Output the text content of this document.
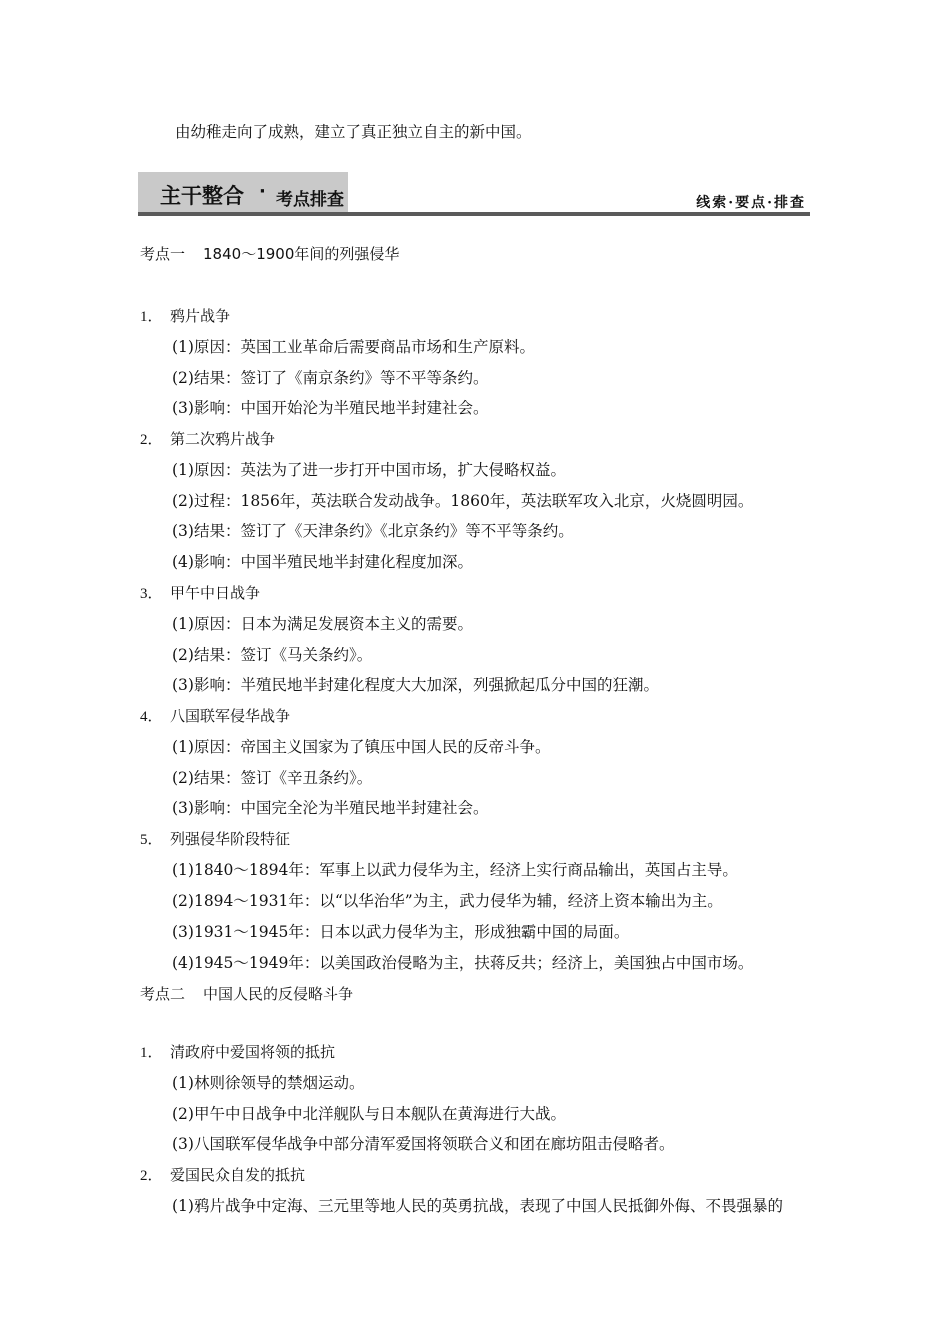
由幼稚走向了成熟，建立了真正独立自主的新中国。
主干整合 · 考点排查	线索·要点·排查
考点一 1840～1900年间的列强侵华
1． 鸦片战争
(1)原因：英国工业革命后需要商品市场和生产原料。
(2)结果：签订了《南京条约》等不平等条约。
(3)影响：中国开始沦为半殖民地半封建社会。
2． 第二次鸦片战争
(1)原因：英法为了进一步打开中国市场，扩大侵略权益。
(2)过程：1856年，英法联合发动战争。1860年，英法联军攻入北京，火烧圆明园。
(3)结果：签订了《天津条约》《北京条约》等不平等条约。
(4)影响：中国半殖民地半封建化程度加深。
3． 甲午中日战争
(1)原因：日本为满足发展资本主义的需要。
(2)结果：签订《马关条约》。
(3)影响：半殖民地半封建化程度大大加深，列强掀起瓜分中国的狂潮。
4． 八国联军侵华战争
(1)原因：帝国主义国家为了镇压中国人民的反帝斗争。
(2)结果：签订《辛丑条约》。
(3)影响：中国完全沦为半殖民地半封建社会。
5． 列强侵华阶段特征
(1)1840～1894年：军事上以武力侵华为主，经济上实行商品输出，英国占主导。
(2)1894～1931年：以“以华治华”为主，武力侵华为辅，经济上资本输出为主。
(3)1931～1945年：日本以武力侵华为主，形成独霸中国的局面。
(4)1945～1949年：以美国政治侵略为主，扶蒋反共；经济上，美国独占中国市场。
考点二 中国人民的反侵略斗争
1． 清政府中爱国将领的抵抗
(1)林则徐领导的禁烟运动。
(2)甲午中日战争中北洋舰队与日本舰队在黄海进行大战。
(3)八国联军侵华战争中部分清军爱国将领联合义和团在廊坊阻击侵略者。
2． 爱国民众自发的抵抗
(1)鸦片战争中定海、三元里等地人民的英勇抗战，表现了中国人民抵御外侮、不畏强暴的
